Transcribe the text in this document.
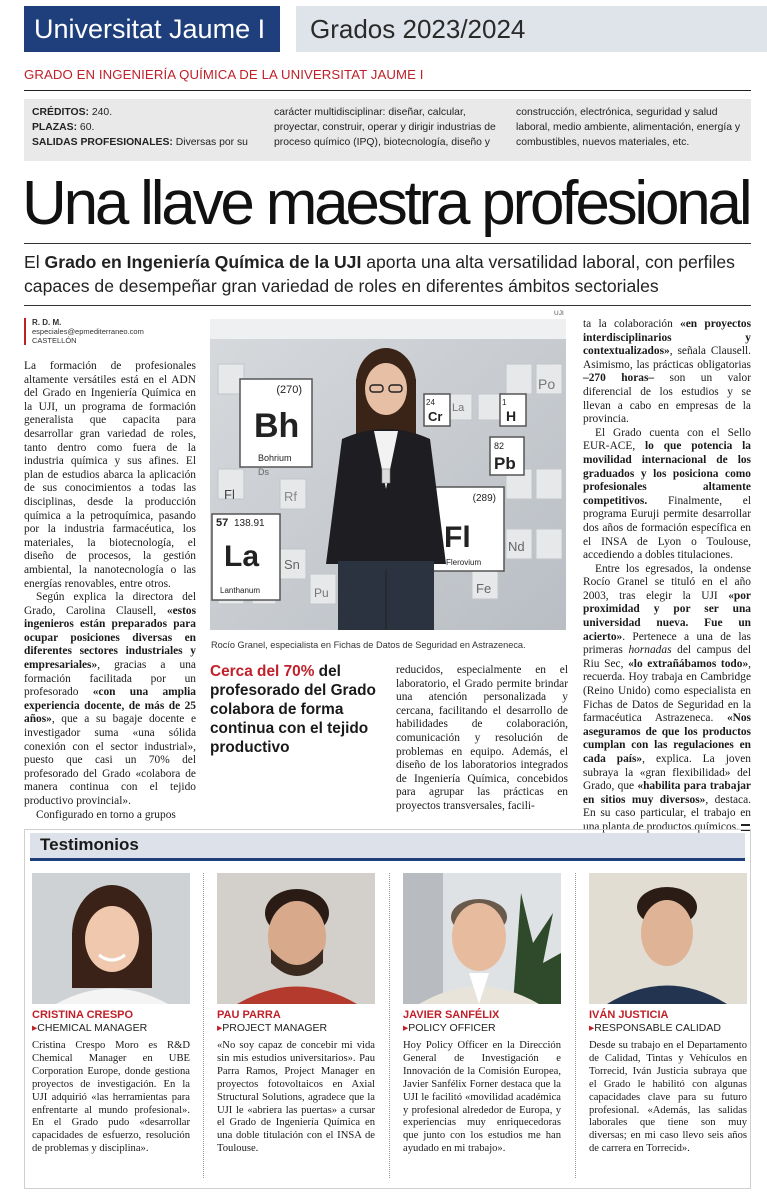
Universitat Jaume I	Grados 2023/2024
GRADO EN INGENIERÍA QUÍMICA DE LA UNIVERSITAT JAUME I
CRÉDITOS: 240.
PLAZAS: 60.
SALIDAS PROFESIONALES: Diversas por su
carácter multidisciplinar: diseñar, calcular, proyectar, construir, operar y dirigir industrias de proceso químico (IPQ), biotecnología, diseño y
construcción, electrónica, seguridad y salud laboral, medio ambiente, alimentación, energía y combustibles, nuevos materiales, etc.
Una llave maestra profesional
El Grado en Ingeniería Química de la UJI aporta una alta versatilidad laboral, con perfiles capaces de desempeñar gran variedad de roles en diferentes ámbitos sectoriales
R. D. M.
especiales@epmediterraneo.com
CASTELLÓN

La formación de profesionales altamente versátiles está en el ADN del Grado en Ingeniería Química en la UJI, un programa de formación generalista que capacita para desarrollar gran variedad de roles, tanto dentro como fuera de la industria química y sus afines. El plan de estudios abarca la aplicación de sus conocimientos a todas las disciplinas, desde la producción química a la petroquímica, pasando por la industria farmacéutica, los materiales, la biotecnología, el diseño de procesos, la gestión ambiental, la nanotecnología o las energías renovables, entre otros.

Según explica la directora del Grado, Carolina Clausell, «estos ingenieros están preparados para ocupar posiciones diversas en diferentes sectores industriales y empresariales», gracias a una formación facilitada por un profesorado «con una amplia experiencia docente, de más de 25 años», que a su bagaje docente e investigador suma «una sólida conexión con el sector industrial», puesto que casi un 70% del profesorado del Grado «colabora de manera continua con el tejido productivo provincial».

Configurado en torno a grupos

UJI
(270)
Bh
Bohrium
(289)
Fl
Flerovium
57 138.91
La
Lanthanum
82
Pb
24
Cr
1
H
Fl
Sn
Nd
Fe
Po
Rf
Ds
La
Pu
Rocío Granel, especialista en Fichas de Datos de Seguridad en Astrazeneca.
Cerca del 70% del profesorado del Grado colabora de forma continua con el tejido productivo

reducidos, especialmente en el laboratorio, el Grado permite brindar una atención personalizada y cercana, facilitando el desarrollo de habilidades de colaboración, comunicación y resolución de problemas en equipo. Además, el diseño de los laboratorios integrados de Ingeniería Química, concebidos para agrupar las prácticas en proyectos transversales, facili-

ta la colaboración «en proyectos interdisciplinarios y contextualizados», señala Clausell. Asimismo, las prácticas obligatorias –270 horas– son un valor diferencial de los estudios y se llevan a cabo en empresas de la provincia.

El Grado cuenta con el Sello EUR-ACE, lo que potencia la movilidad internacional de los graduados y los posiciona como profesionales altamente competitivos. Finalmente, el programa Euruji permite desarrollar dos años de formación específica en el INSA de Lyon o Toulouse, accediendo a dobles titulaciones.

Entre los egresados, la ondense Rocío Granel se tituló en el año 2003, tras elegir la UJI «por proximidad y por ser una universidad nueva. Fue un acierto». Pertenece a una de las primeras hornadas del campus del Riu Sec, «lo extrañábamos todo», recuerda. Hoy trabaja en Cambridge (Reino Unido) como especialista en Fichas de Datos de Seguridad en la farmacéutica Astrazeneca. «Nos aseguramos de que los productos cumplan con las regulaciones en cada país», explica. La joven subraya la «gran flexibilidad» del Grado, que «habilita para trabajar en sitios muy diversos», destaca. En su caso particular, el trabajo en una planta de productos químicos.

Testimonios
CRISTINA CRESPO
▸ CHEMICAL MANAGER
Cristina Crespo Moro es R&D Chemical Manager en UBE Corporation Europe, donde gestiona proyectos de investigación. En la UJI adquirió «las herramientas para enfrentarte al mundo profesional». En el Grado pudo «desarrollar capacidades de esfuerzo, resolución de problemas y disciplina».
PAU PARRA
▸ PROJECT MANAGER
«No soy capaz de concebir mi vida sin mis estudios universitarios». Pau Parra Ramos, Project Manager en proyectos fotovoltaicos en Axial Structural Solutions, agradece que la UJI le «abriera las puertas» a cursar el Grado de Ingeniería Química en una doble titulación con el INSA de Toulouse.
JAVIER SANFÉLIX
▸ POLICY OFFICER
Hoy Policy Officer en la Dirección General de Investigación e Innovación de la Comisión Europea, Javier Sanfélix Forner destaca que la UJI le facilitó «movilidad académica y profesional alrededor de Europa, y experiencias muy enriquecedoras que junto con los estudios me han ayudado en mi trabajo».
IVÁN JUSTICIA
▸ RESPONSABLE CALIDAD
Desde su trabajo en el Departamento de Calidad, Tintas y Vehículos en Torrecid, Iván Justicia subraya que el Grado le habilitó con algunas capacidades clave para su futuro profesional. «Además, las salidas laborales que tiene son muy diversas; en mi caso llevo seis años de carrera en Torrecid».
